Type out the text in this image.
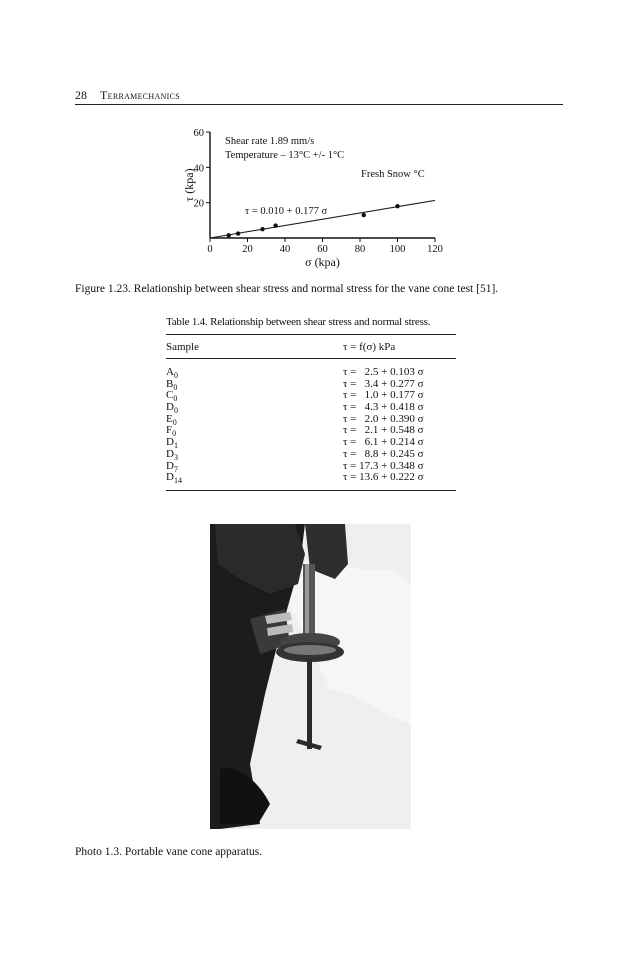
28 Terramechanics
0	20	40	60	80 100 120
20
40
60
σ (kpa)
τ (kpa)
Shear rate 1.89 mm/s
Temperature – 13°C +/- 1°C
Fresh Snow °C
τ = 0.010 + 0.177 σ
Figure 1.23. Relationship between shear stress and normal stress for the vane cone test [51].
Table 1.4. Relationship between shear stress and normal stress.
Sample	τ = f(σ) kPa
$A_0$	τ =   2.5 + 0.103 σ
$B_0$	τ =   3.4 + 0.277 σ
$C_0$	τ =   1.0 + 0.177 σ
$D_0$	τ =   4.3 + 0.418 σ
$E_0$	τ =   2.0 + 0.390 σ
$F_0$	τ =   2.1 + 0.548 σ
$D_1$	τ =   6.1 + 0.214 σ
$D_3$	τ =   8.8 + 0.245 σ
$D_7$	τ = 17.3 + 0.348 σ
$D_{14}$	τ = 13.6 + 0.222 σ
Photo 1.3. Portable vane cone apparatus.
